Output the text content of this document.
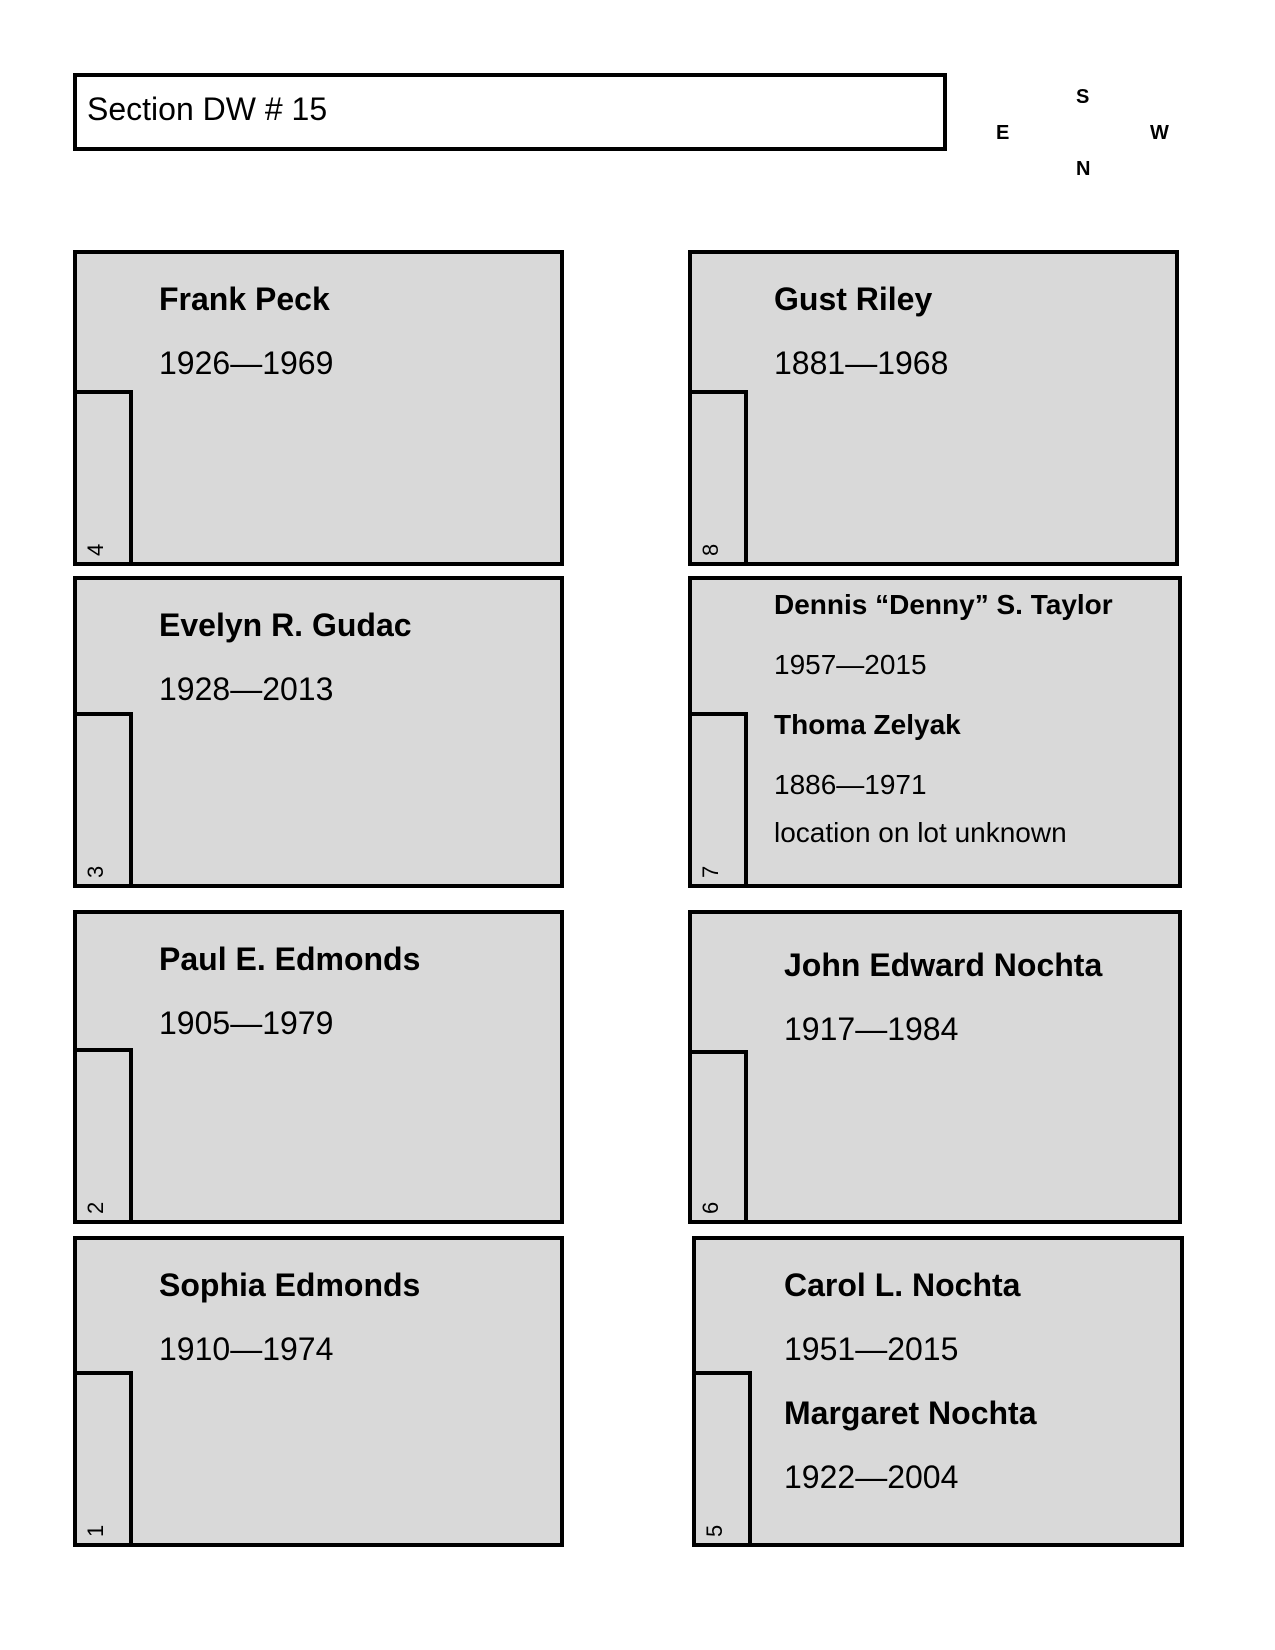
Section DW # 15	S
E	W
N

Frank Peck

1926—1969

4

Evelyn R. Gudac

1928—2013

3

Paul E. Edmonds

1905—1979

2

Sophia Edmonds

1910—1974

1

Gust Riley

1881—1968

8

Dennis “Denny” S. Taylor

1957—2015

Thoma Zelyak

1886—1971

location on lot unknown

7

John Edward Nochta

1917—1984

6

Carol L. Nochta

1951—2015

Margaret Nochta

1922—2004

5
